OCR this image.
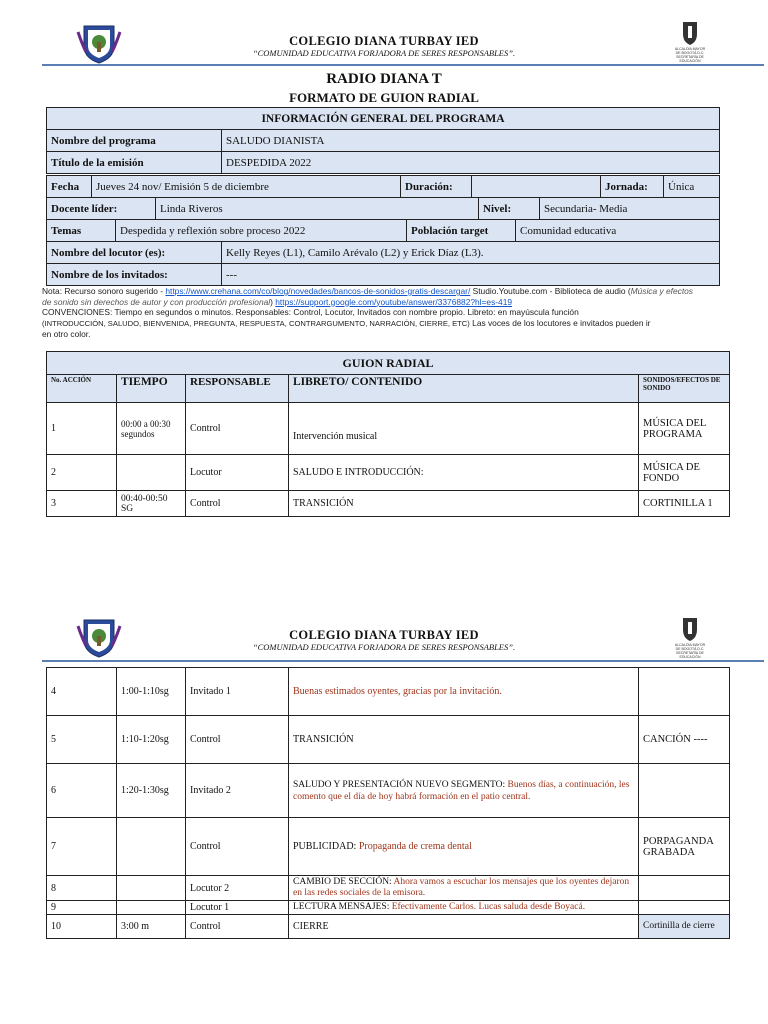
COLEGIO DIANA TURBAY IED
“COMUNIDAD EDUCATIVA FORJADORA DE SERES RESPONSABLES”.	ALCALDÍA MAYOR
DE BOGOTÁ D.C.
SECRETARÍA DE EDUCACIÓN
RADIO DIANA T
FORMATO DE GUION RADIAL
INFORMACIÓN GENERAL DEL PROGRAMA	
Nombre del programa	SALUDO DIANISTA
Título de la emisión	DESPEDIDA 2022
Fecha	Jueves 24 nov/ Emisión 5 de diciembre	Duración:		Jornada:	Única
Docente líder:	Linda Riveros	Nivel:	Secundaria- Media
Temas	Despedida y reflexión sobre proceso 2022	Población target	Comunidad educativa
Nombre del locutor (es):	Kelly Reyes (L1), Camilo Arévalo (L2) y Erick Díaz (L3).
Nombre de los invitados:	---
Nota: Recurso sonoro sugerido - https://www.crehana.com/co/blog/novedades/bancos-de-sonidos-gratis-descargar/ Studio.Youtube.com - Biblioteca de audio (Música y efectos de sonido sin derechos de autor y con producción profesional) https://support.google.com/youtube/answer/3376882?hl=es-419
CONVENCIONES: Tiempo en segundos o minutos. Responsables: Control, Locutor, Invitados con nombre propio. Libreto: en mayúscula función
(INTRODUCCIÓN, SALUDO, BIENVENIDA, PREGUNTA, RESPUESTA, CONTRARGUMENTO, NARRACIÓN, CIERRE, ETC) Las voces de los locutores e invitados pueden ir
en otro color.
GUION RADIAL				
No. ACCIÓN	TIEMPO	RESPONSABLE	LIBRETO/ CONTENIDO	SONIDOS/EFECTOS DE SONIDO
1	00:00 a 00:30 segundos	Control	Intervención musical	MÚSICA DEL PROGRAMA
2		Locutor	SALUDO E INTRODUCCIÓN:	MÚSICA DE FONDO
3	00:40-00:50 SG	Control	TRANSICIÓN	CORTINILLA 1
COLEGIO DIANA TURBAY IED
“COMUNIDAD EDUCATIVA FORJADORA DE SERES RESPONSABLES”.	ALCALDÍA MAYOR
DE BOGOTÁ D.C.
SECRETARÍA DE EDUCACIÓN
4	1:00-1:10sg	Invitado 1	Buenas estimados oyentes, gracias por la invitación.	
5	1:10-1:20sg	Control	TRANSICIÓN	CANCIÓN ----
6	1:20-1:30sg	Invitado 2	SALUDO Y PRESENTACIÓN NUEVO SEGMENTO: Buenos días, a continuación, les comento que el día de hoy habrá formación en el patio central.	
7		Control	PUBLICIDAD: Propaganda de crema dental	PORPAGANDA GRABADA
8		Locutor 2	CAMBIO DE SECCIÓN: Ahora vamos a escuchar los mensajes que los oyentes dejaron en las redes sociales de la emisora.	
9		Locutor 1	LECTURA MENSAJES: Efectivamente Carlos. Lucas saluda desde Boyacá.	
10	3:00 m	Control	CIERRE	Cortinilla de cierre
